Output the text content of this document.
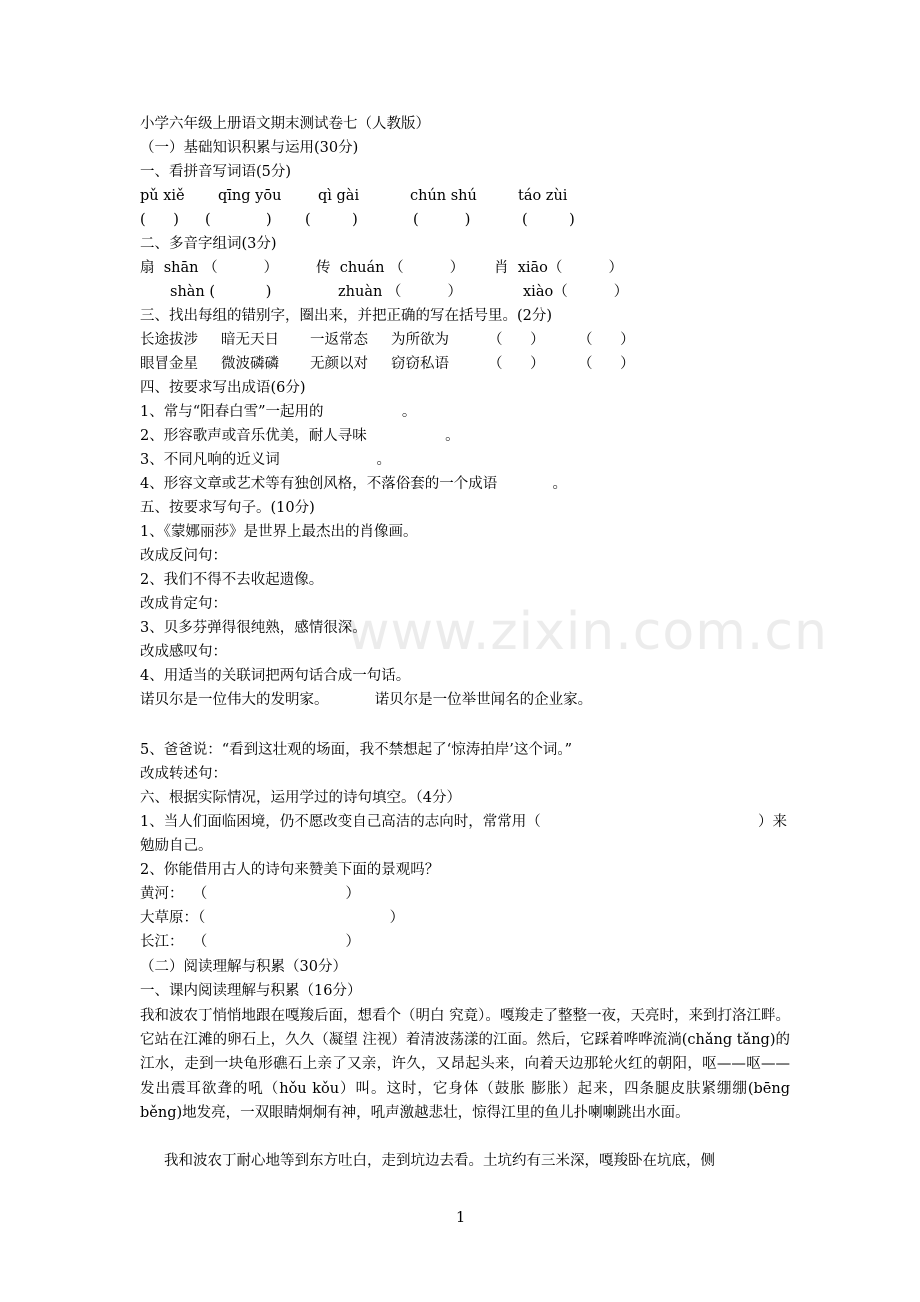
www.zixin.com.cn
小学六年级上册语文期末测试卷七（人教版）
（一）基础知识积累与运用(30分)
一、看拼音写词语(5分)
pǔ xiě qīng yōu	qì gài	chún shú	táo zùi
(      ) (            ) (         )	(          )	(         )
二、多音字组词(3分)
扇  shān （          ）	传  chuán （          ） 肖  xiāo（          ）
shàn (           )	zhuàn （          ）	xiào（          ）
三、找出每组的错别字，圈出来，并把正确的写在括号里。(2分)
长途拔涉 暗无天日 一返常态 为所欲为	（      ） （      ）
眼冒金星 微波磷磷 无颜以对 窃窃私语	（      ） （      ）
四、按要求写出成语(6分)
1、常与“阳春白雪”一起用的                 。
2、形容歌声或音乐优美，耐人寻味                 。
3、不同凡响的近义词                     。
4、形容文章或艺术等有独创风格，不落俗套的一个成语            。
五、按要求写句子。(10分)
1、《蒙娜丽莎》是世界上最杰出的肖像画。
改成反问句：
2、我们不得不去收起遗像。
改成肯定句：
3、贝多芬弹得很纯熟，感情很深。
改成感叹句：
4、用适当的关联词把两句话合成一句话。
诺贝尔是一位伟大的发明家。          诺贝尔是一位举世闻名的企业家。
5、爸爸说：“看到这壮观的场面，我不禁想起了‘惊涛拍岸’这个词。”
改成转述句：
六、根据实际情况，运用学过的诗句填空。（4分）
1、当人们面临困境，仍不愿改变自己高洁的志向时，常常用（	）来
勉励自己。
2、你能借用古人的诗句来赞美下面的景观吗？
黄河：  （                              ）
大草原：（                                        ）
长江：  （                              ）
（二）阅读理解与积累（30分）
一、课内阅读理解与积累（16分）
我和波农丁悄悄地跟在嘎羧后面，想看个（明白 究竟）。嘎羧走了整整一夜，天亮时，来到打洛江畔。它站在江滩的卵石上，久久（凝望 注视）着清波荡漾的江面。然后，它踩着哗哗流淌(chǎng tǎng)的江水，走到一块龟形礁石上亲了又亲，许久，又昂起头来，向着天边那轮火红的朝阳，呕——呕——发出震耳欲聋的吼（hǒu kǒu）叫。这时，它身体（鼓胀 膨胀）起来，四条腿皮肤紧绷绷(bēng běng)地发亮，一双眼睛炯炯有神，吼声激越悲壮，惊得江里的鱼儿扑喇喇跳出水面。
我和波农丁耐心地等到东方吐白，走到坑边去看。土坑约有三米深，嘎羧卧在坑底，侧
1
